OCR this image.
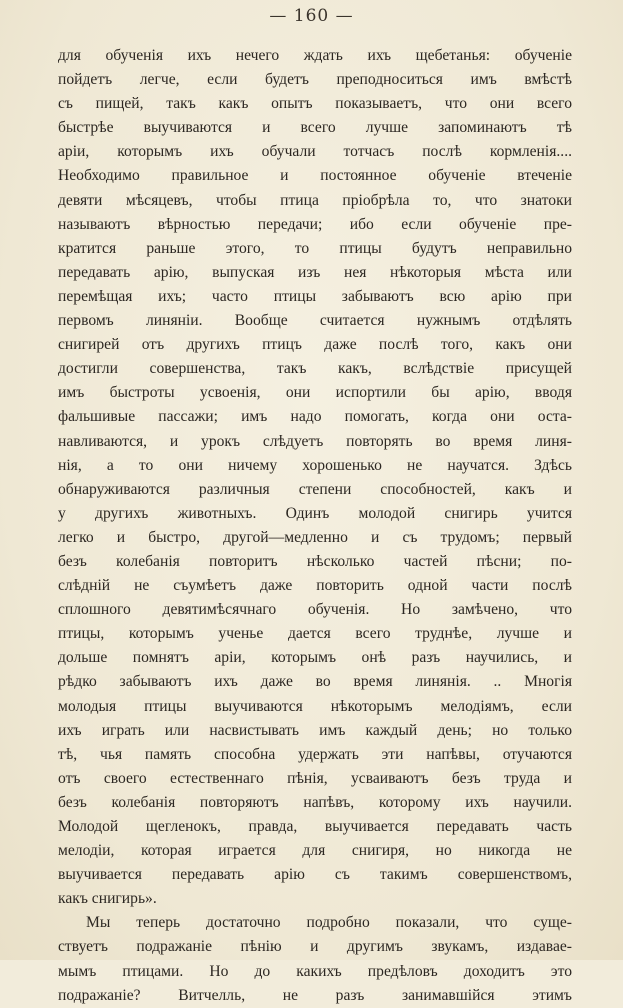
— 160 —
для обученія ихъ нечего ждать ихъ щебетанья: обученіе
пойдетъ легче, если будетъ преподноситься имъ вмѣстѣ
съ пищей, такъ какъ опытъ показываетъ, что они всего
быстрѣе выучиваются и всего лучше запоминаютъ тѣ
аріи, которымъ ихъ обучали тотчасъ послѣ кормленія....
Необходимо правильное и постоянное обученіе втеченіе
девяти мѣсяцевъ, чтобы птица пріобрѣла то, что знатоки
называютъ вѣрностью передачи; ибо если обученіе пре-
кратится раньше этого, то птицы будутъ неправильно
передавать арію, выпуская изъ нея нѣкоторыя мѣста или
перемѣщая ихъ; часто птицы забываютъ всю арію при
первомъ линяніи. Вообще считается нужнымъ отдѣлять
снигирей отъ другихъ птицъ даже послѣ того, какъ они
достигли совершенства, такъ какъ, вслѣдствіе присущей
имъ быстроты усвоенія, они испортили бы арію, вводя
фальшивые пассажи; имъ надо помогать, когда они оста-
навливаются, и урокъ слѣдуетъ повторять во время линя-
нія, а то они ничему хорошенько не научатся. Здѣсь
обнаруживаются различныя степени способностей, какъ и
у другихъ животныхъ. Одинъ молодой снигирь учится
легко и быстро, другой—медленно и съ трудомъ; первый
безъ колебанія повторитъ нѣсколько частей пѣсни; по-
слѣдній не съумѣетъ даже повторить одной части послѣ
сплошного девятимѣсячнаго обученія. Но замѣчено, что
птицы, которымъ ученье дается всего труднѣе, лучше и
дольше помнятъ аріи, которымъ онѣ разъ научились, и
рѣдко забываютъ ихъ даже во время линянія. .. Многія
молодыя птицы выучиваются нѣкоторымъ мелодіямъ, если
ихъ играть или насвистывать имъ каждый день; но только
тѣ, чья память способна удержать эти напѣвы, отучаются
отъ своего естественнаго пѣнія, усваиваютъ безъ труда и
безъ колебанія повторяютъ напѣвъ, которому ихъ научили.
Молодой щегленокъ, правда, выучивается передавать часть
мелодіи, которая играется для снигиря, но никогда не
выучивается передавать арію съ такимъ совершенствомъ,
какъ снигирь».
Мы теперь достаточно подробно показали, что суще-
ствуетъ подражаніе пѣнію и другимъ звукамъ, издавае-
мымъ птицами. Но до какихъ предѣловъ доходитъ это
подражаніе? Витчелль, не разъ занимавшійся этимъ
